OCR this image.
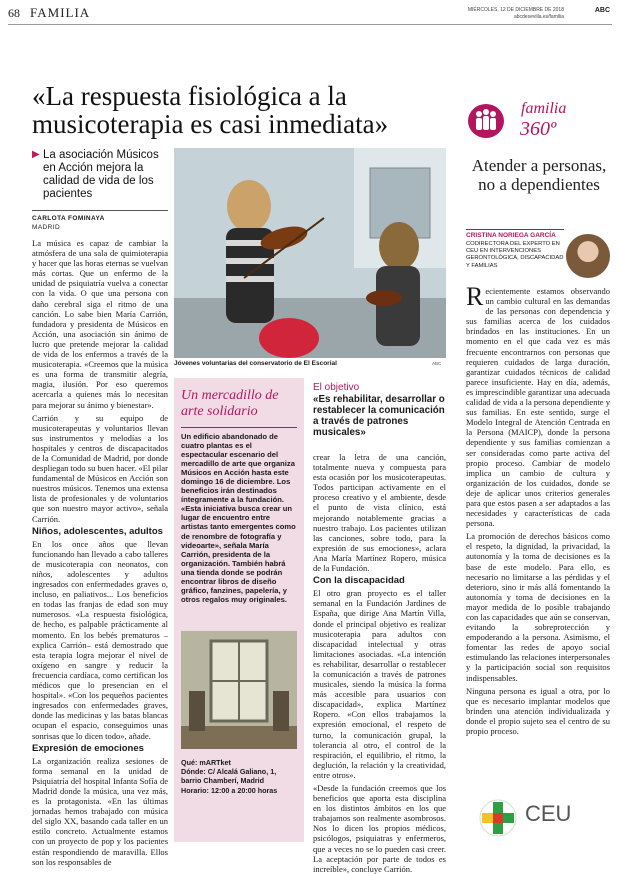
68 FAMILIA	MIÉRCOLES, 12 DE DICIEMBRE DE 2018
abcdesevilla.es/familia
ABC
«La respuesta fisiológica a la musicoterapia es casi inmediata»
▶ La asociación Músicos en Acción mejora la calidad de vida de los pacientes
CARLOTA FOMINAYA
MADRID

La música es capaz de cambiar la atmósfera de una sala de quimioterapia y hacer que las horas eternas se vuelvan más cortas. Que un enfermo de la unidad de psiquiatría vuelva a conectar con la vida. O que una persona con daño cerebral siga el ritmo de una canción. Lo sabe bien María Carrión, fundadora y presidenta de Músicos en Acción, una asociación sin ánimo de lucro que pretende mejorar la calidad de vida de los enfermos a través de la musicoterapia. «Creemos que la música es una forma de transmitir alegría, magia, ilusión. Por eso queremos acercarla a quienes más lo necesitan para mejorar su ánimo y bienestar».

Carrión y su equipo de musicoterapeutas y voluntarios llevan sus instrumentos y melodías a los hospitales y centros de discapacitados de la Comunidad de Madrid, por donde despliegan todo su buen hacer. «El pilar fundamental de Músicos en Acción son nuestros músicos. Tenemos una extensa lista de profesionales y de voluntarios que son nuestro mayor activo», señala Carrión.

Niños, adolescentes, adultos

En los once años que llevan funcionando han llevado a cabo talleres de musicoterapia con neonatos, con niños, adolescentes y adultos ingresados con enfermedades graves o, incluso, en paliativos... Los beneficios en todas las franjas de edad son muy numerosos. «La respuesta fisiológica, de hecho, es palpable prácticamente al momento. En los bebés prematuros –explica Carrión– está demostrado que esta terapia logra mejorar el nivel de oxígeno en sangre y reducir la frecuencia cardíaca, como certifican los médicos que lo presencian en el hospital». «Con los pequeños pacientes ingresados con enfermedades graves, donde las medicinas y las batas blancas ocupan el espacio, conseguimos unas sonrisas que lo dicen todo», añade.

Expresión de emociones

La organización realiza sesiones de forma semanal en la unidad de Psiquiatría del hospital Infanta Sofía de Madrid donde la música, una vez más, es la protagonista. «En las últimas jornadas hemos trabajado con música del siglo XX, basando cada taller en un estilo concreto. Actualmente estamos con un proyecto de pop y los pacientes están respondiendo de maravilla. Ellos son los responsables de

Jóvenes voluntarias del conservatorio de El Escorial	ABC
Un mercadillo de arte solidario
Un edificio abandonado de cuatro plantas es el espectacular escenario del mercadillo de arte que organiza Músicos en Acción hasta este domingo 16 de diciembre. Los beneficios irán destinados íntegramente a la fundación. «Esta iniciativa busca crear un lugar de encuentro entre artistas tanto emergentes como de renombre de fotografía y videoarte», señala María Carrión, presidenta de la organización. También habrá una tienda donde se podrán encontrar libros de diseño gráfico, fanzines, papelería, y otros regalos muy originales.
Qué: mARTket
Dónde: C/ Alcalá Galiano, 1, barrio Chamberí, Madrid
Horario: 12:00 a 20:00 horas
El objetivo
«Es rehabilitar, desarrollar o restablecer la comunicación a través de patrones musicales»

crear la letra de una canción, totalmente nueva y compuesta para esta ocasión por los musicoterapeutas. Todos participan activamente en el proceso creativo y el ambiente, desde el punto de vista clínico, está mejorando notablemente gracias a nuestro trabajo. Los pacientes utilizan las canciones, sobre todo, para la expresión de sus emociones», aclara Ana María Martínez Ropero, música de la Fundación.

Con la discapacidad

El otro gran proyecto es el taller semanal en la Fundación Jardines de España, que dirige Ana Martín Villa, donde el principal objetivo es realizar musicoterapia para adultos con discapacidad intelectual y otras limitaciones asociadas. «La intención es rehabilitar, desarrollar o restablecer la comunicación a través de patrones musicales, siendo la música la forma más accesible para usuarios con discapacidad», explica Martínez Ropero. «Con ellos trabajamos la expresión emocional, el respeto de turno, la comunicación grupal, la tolerancia al otro, el control de la respiración, el equilibrio, el ritmo, la deglución, la relación y la creatividad, entre otros».

«Desde la fundación creemos que los beneficios que aporta esta disciplina en los distintos ámbitos en los que trabajamos son realmente asombrosos. Nos lo dicen los propios médicos, psicólogos, psiquiatras y enfermeros, que a veces no se lo pueden casi creer. La aceptación por parte de todos es increíble», concluye Carrión.

familia
360º
Atender a personas, no a dependientes
CRISTINA NORIEGA GARCÍA
CODIRECTORA DEL EXPERTO EN CEU EN INTERVENCIONES GERONTOLÓGICA, DISCAPACIDAD Y FAMILIAS

Recientemente estamos observando un cambio cultural en las demandas de las personas con dependencia y sus familias acerca de los cuidados brindados en las instituciones. En un momento en el que cada vez es más frecuente encontrarnos con personas que requieren cuidados de larga duración, garantizar cuidados técnicos de calidad parece insuficiente. Hay en día, además, es imprescindible garantizar una adecuada calidad de vida a la persona dependiente y sus familias. En este sentido, surge el Modelo Integral de Atención Centrada en la Persona (MAICP), donde la persona dependiente y sus familias comienzan a ser consideradas como parte activa del propio proceso. Cambiar de modelo implica un cambio de cultura y organización de los cuidados, donde se deje de aplicar unos criterios generales para que estos pasen a ser adaptados a las necesidades y características de cada persona.

La promoción de derechos básicos como el respeto, la dignidad, la privacidad, la autonomía y la toma de decisiones es la base de este modelo. Para ello, es necesario no limitarse a las pérdidas y el deterioro, sino ir más allá fomentando la autonomía y toma de decisiones en la mayor medida de lo posible trabajando con las capacidades que aún se conservan, evitando la sobreprotección y empoderando a la persona. Asimismo, el fomentar las redes de apoyo social estimulando las relaciones interpersonales y la participación social son requisitos indispensables.

Ninguna persona es igual a otra, por lo que es necesario implantar modelos que brinden una atención individualizada y donde el propio sujeto sea el centro de su propio proceso.

CEU
